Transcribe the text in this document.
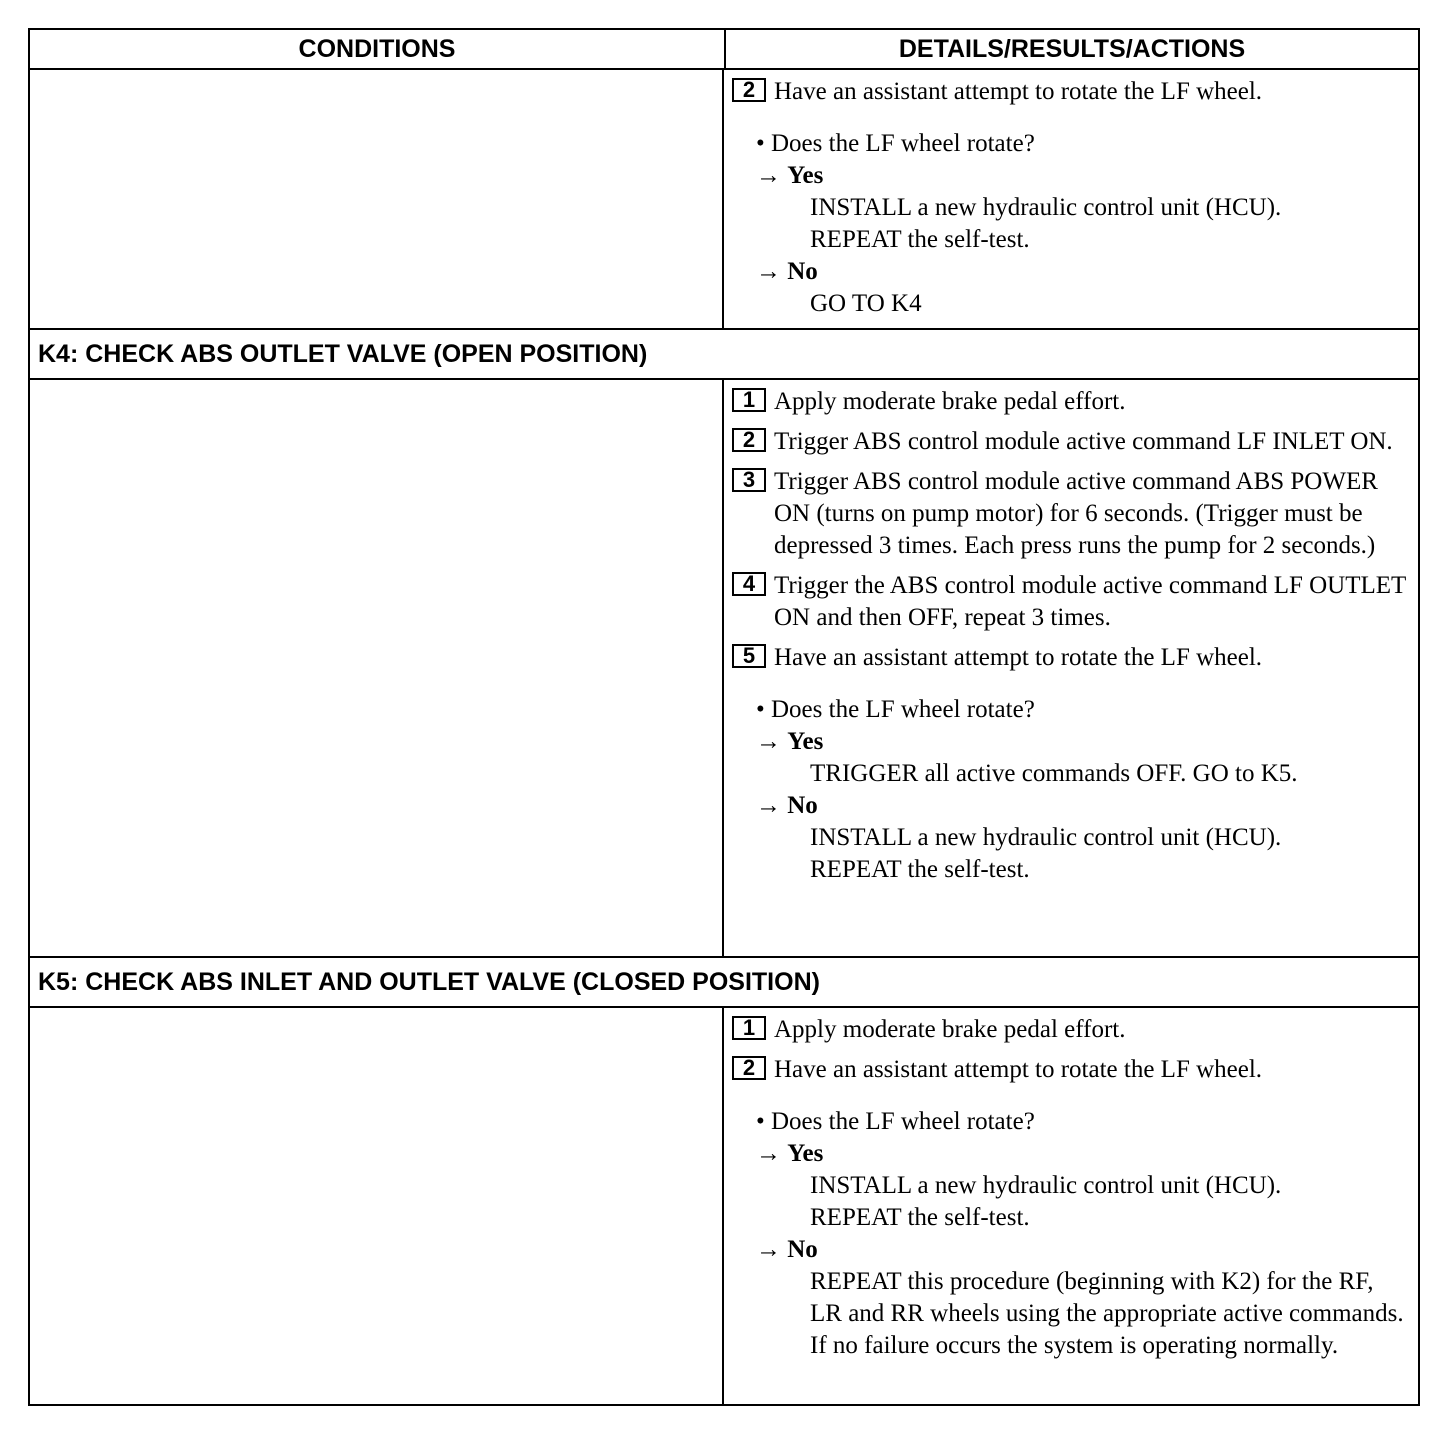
CONDITIONS	DETAILS/RESULTS/ACTIONS
2 Have an assistant attempt to rotate the LF wheel.
• Does the LF wheel rotate?
→ Yes
INSTALL a new hydraulic control unit (HCU).
REPEAT the self-test.
→ No
GO TO K4
K4: CHECK ABS OUTLET VALVE (OPEN POSITION)
1 Apply moderate brake pedal effort.
2 Trigger ABS control module active command LF INLET ON.
3 Trigger ABS control module active command ABS POWER ON (turns on pump motor) for 6 seconds. (Trigger must be depressed 3 times. Each press runs the pump for 2 seconds.)
4 Trigger the ABS control module active command LF OUTLET ON and then OFF, repeat 3 times.
5 Have an assistant attempt to rotate the LF wheel.
• Does the LF wheel rotate?
→ Yes
TRIGGER all active commands OFF. GO to K5.
→ No
INSTALL a new hydraulic control unit (HCU).
REPEAT the self-test.
K5: CHECK ABS INLET AND OUTLET VALVE (CLOSED POSITION)
1 Apply moderate brake pedal effort.
2 Have an assistant attempt to rotate the LF wheel.
• Does the LF wheel rotate?
→ Yes
INSTALL a new hydraulic control unit (HCU).
REPEAT the self-test.
→ No
REPEAT this procedure (beginning with K2) for the RF, LR and RR wheels using the appropriate active commands. If no failure occurs the system is operating normally.
